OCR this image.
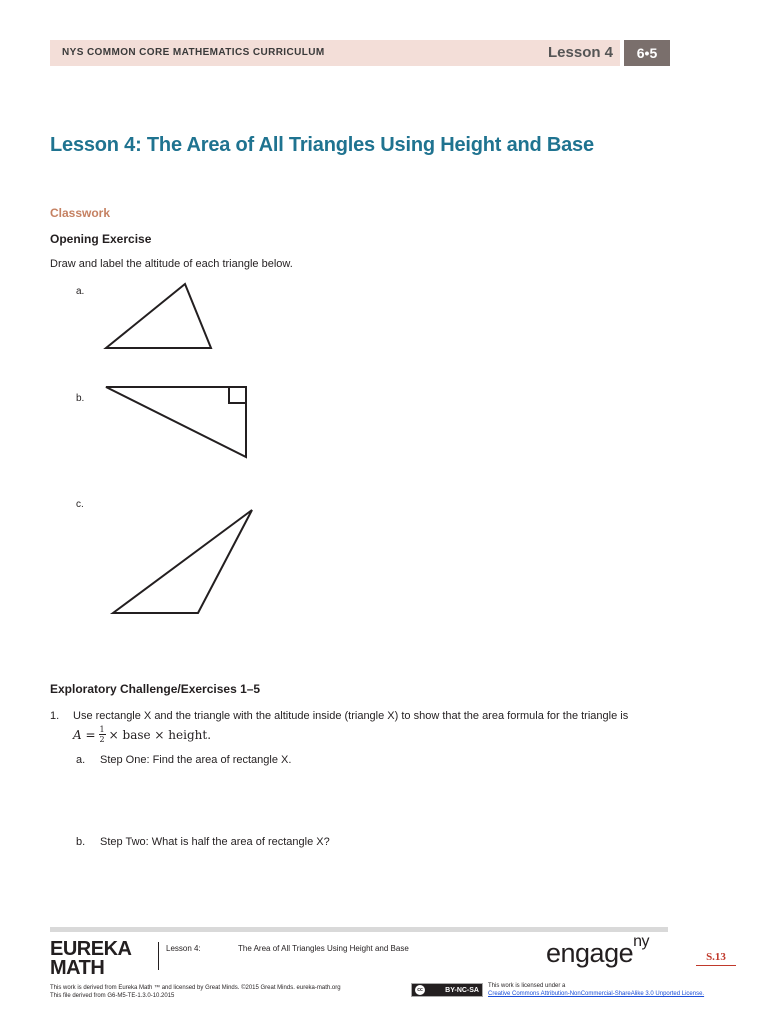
NYS COMMON CORE MATHEMATICS CURRICULUM	Lesson 4	6•5
Lesson 4: The Area of All Triangles Using Height and Base
Classwork
Opening Exercise
Draw and label the altitude of each triangle below.
a.
b.
c.
Exploratory Challenge/Exercises 1–5
1. Use rectangle X and the triangle with the altitude inside (triangle X) to show that the area formula for the triangle is
$A = \frac{1}{2}$ × base × height.
a. Step One: Find the area of rectangle X.
b. Step Two: What is half the area of rectangle X?
EUREKA
MATH
Lesson 4:	The Area of All Triangles Using Height and Base	engage$^{ny}$
S.13
This work is derived from Eureka Math ™ and licensed by Great Minds. ©2015 Great Minds. eureka-math.org
This file derived from G6-M5-TE-1.3.0-10.2015
cc	BY-NC-SA
This work is licensed under a
Creative Commons Attribution-NonCommercial-ShareAlike 3.0 Unported License.
